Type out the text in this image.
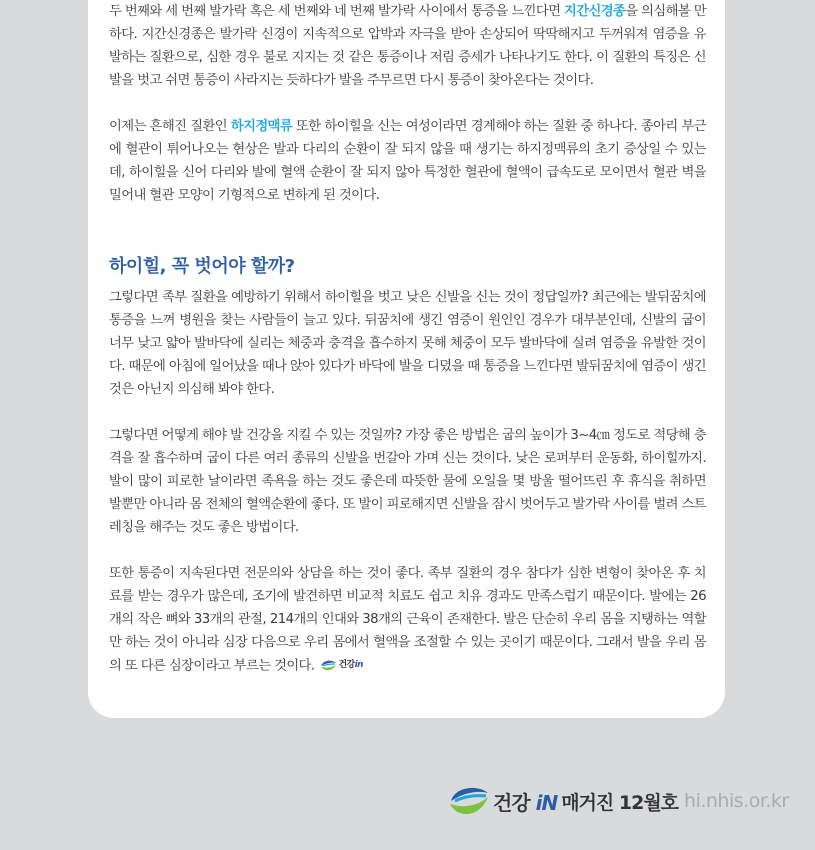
두 번째와 세 번째 발가락 혹은 세 번째와 네 번째 발가락 사이에서 통증을 느낀다면 지간신경종을 의심해볼 만하다. 지간신경종은 발가락 신경이 지속적으로 압박과 자극을 받아 손상되어 딱딱해지고 두꺼워져 염증을 유발하는 질환으로, 심한 경우 불로 지지는 것 같은 통증이나 저림 증세가 나타나기도 한다. 이 질환의 특징은 신발을 벗고 쉬면 통증이 사라지는 듯하다가 발을 주무르면 다시 통증이 찾아온다는 것이다.

이제는 흔해진 질환인 하지정맥류 또한 하이힐을 신는 여성이라면 경계해야 하는 질환 중 하나다. 종아리 부근에 혈관이 튀어나오는 현상은 발과 다리의 순환이 잘 되지 않을 때 생기는 하지정맥류의 초기 증상일 수 있는데, 하이힐을 신어 다리와 발에 혈액 순환이 잘 되지 않아 특정한 혈관에 혈액이 급속도로 모이면서 혈관 벽을 밀어내 혈관 모양이 기형적으로 변하게 된 것이다.

하이힐, 꼭 벗어야 할까?

그렇다면 족부 질환을 예방하기 위해서 하이힐을 벗고 낮은 신발을 신는 것이 정답일까? 최근에는 발뒤꿈치에 통증을 느껴 병원을 찾는 사람들이 늘고 있다. 뒤꿈치에 생긴 염증이 원인인 경우가 대부분인데, 신발의 굽이 너무 낮고 얇아 발바닥에 실리는 체중과 충격을 흡수하지 못해 체중이 모두 발바닥에 실려 염증을 유발한 것이다. 때문에 아침에 일어났을 때나 앉아 있다가 바닥에 발을 디뎠을 때 통증을 느낀다면 발뒤꿈치에 염증이 생긴 것은 아닌지 의심해 봐야 한다.

그렇다면 어떻게 해야 발 건강을 지킬 수 있는 것일까? 가장 좋은 방법은 굽의 높이가 3~4㎝ 정도로 적당해 충격을 잘 흡수하며 굽이 다른 여러 종류의 신발을 번갈아 가며 신는 것이다. 낮은 로퍼부터 운동화, 하이힐까지. 발이 많이 피로한 날이라면 족욕을 하는 것도 좋은데 따뜻한 물에 오일을 몇 방울 떨어뜨린 후 휴식을 취하면 발뿐만 아니라 몸 전체의 혈액순환에 좋다. 또 발이 피로해지면 신발을 잠시 벗어두고 발가락 사이를 벌려 스트레칭을 해주는 것도 좋은 방법이다.

또한 통증이 지속된다면 전문의와 상담을 하는 것이 좋다. 족부 질환의 경우 참다가 심한 변형이 찾아온 후 치료를 받는 경우가 많은데, 조기에 발견하면 비교적 치료도 쉽고 치유 경과도 만족스럽기 때문이다. 발에는 26개의 작은 뼈와 33개의 관절, 214개의 인대와 38개의 근육이 존재한다. 발은 단순히 우리 몸을 지탱하는 역할만 하는 것이 아니라 심장 다음으로 우리 몸에서 혈액을 조절할 수 있는 곳이기 때문이다. 그래서 발을 우리 몸의 또 다른 심장이라고 부르는 것이다.	건강in

건강 iN 매거진 12월호 hi.nhis.or.kr
